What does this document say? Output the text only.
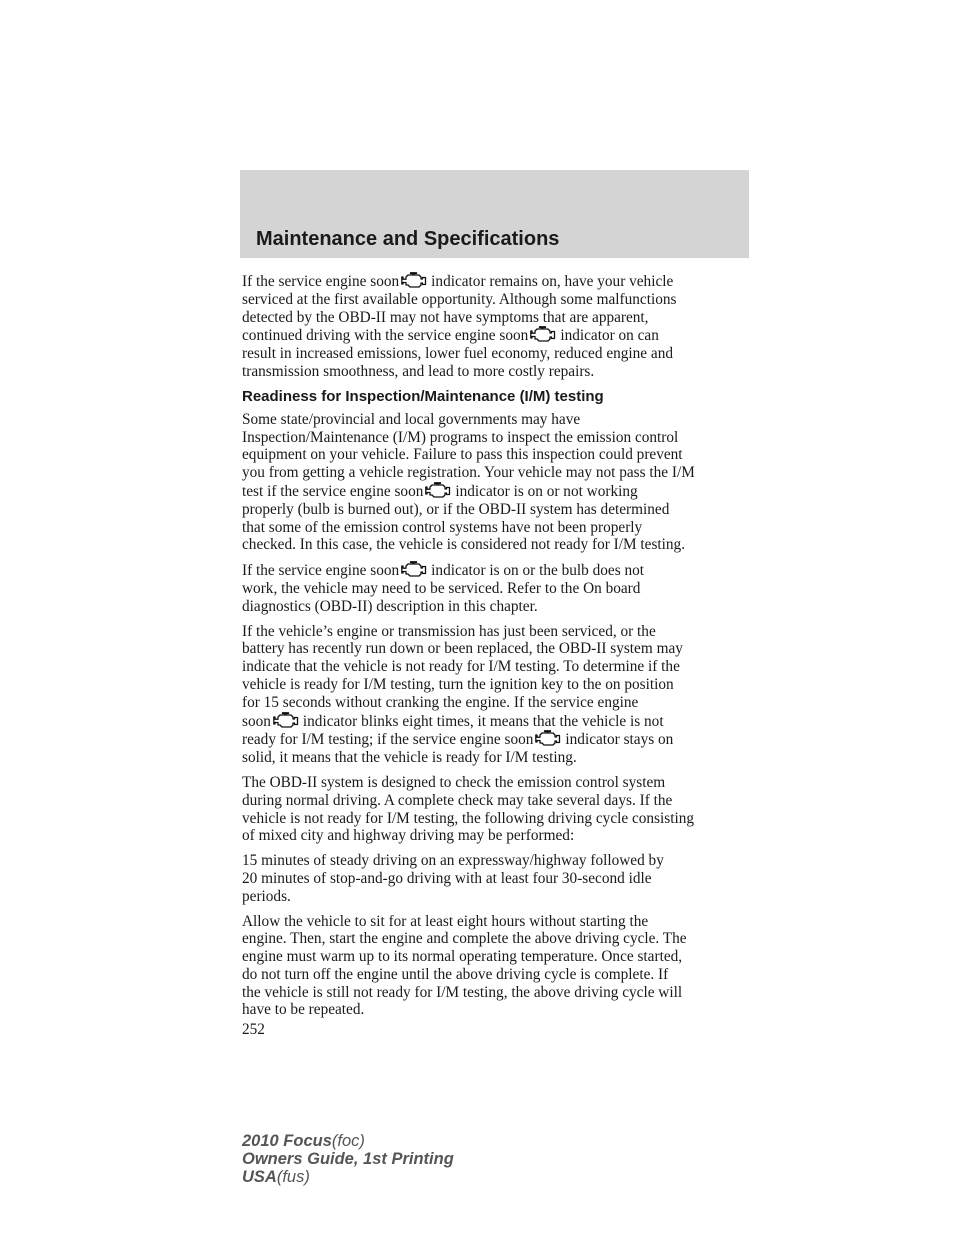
Maintenance and Specifications

If the service engine soon indicator remains on, have your vehicle
serviced at the first available opportunity. Although some malfunctions
detected by the OBD-II may not have symptoms that are apparent,
continued driving with the service engine soon indicator on can
result in increased emissions, lower fuel economy, reduced engine and
transmission smoothness, and lead to more costly repairs.

Readiness for Inspection/Maintenance (I/M) testing

Some state/provincial and local governments may have
Inspection/Maintenance (I/M) programs to inspect the emission control
equipment on your vehicle. Failure to pass this inspection could prevent
you from getting a vehicle registration. Your vehicle may not pass the I/M
test if the service engine soon indicator is on or not working
properly (bulb is burned out), or if the OBD-II system has determined
that some of the emission control systems have not been properly
checked. In this case, the vehicle is considered not ready for I/M testing.

If the service engine soon indicator is on or the bulb does not
work, the vehicle may need to be serviced. Refer to the On board
diagnostics (OBD-II) description in this chapter.

If the vehicle’s engine or transmission has just been serviced, or the
battery has recently run down or been replaced, the OBD-II system may
indicate that the vehicle is not ready for I/M testing. To determine if the
vehicle is ready for I/M testing, turn the ignition key to the on position
for 15 seconds without cranking the engine. If the service engine
soon indicator blinks eight times, it means that the vehicle is not
ready for I/M testing; if the service engine soon indicator stays on
solid, it means that the vehicle is ready for I/M testing.

The OBD-II system is designed to check the emission control system
during normal driving. A complete check may take several days. If the
vehicle is not ready for I/M testing, the following driving cycle consisting
of mixed city and highway driving may be performed:

15 minutes of steady driving on an expressway/highway followed by
20 minutes of stop-and-go driving with at least four 30-second idle
periods.

Allow the vehicle to sit for at least eight hours without starting the
engine. Then, start the engine and complete the above driving cycle. The
engine must warm up to its normal operating temperature. Once started,
do not turn off the engine until the above driving cycle is complete. If
the vehicle is still not ready for I/M testing, the above driving cycle will
have to be repeated.

252
2010 Focus(foc)
Owners Guide, 1st Printing
USA(fus)
